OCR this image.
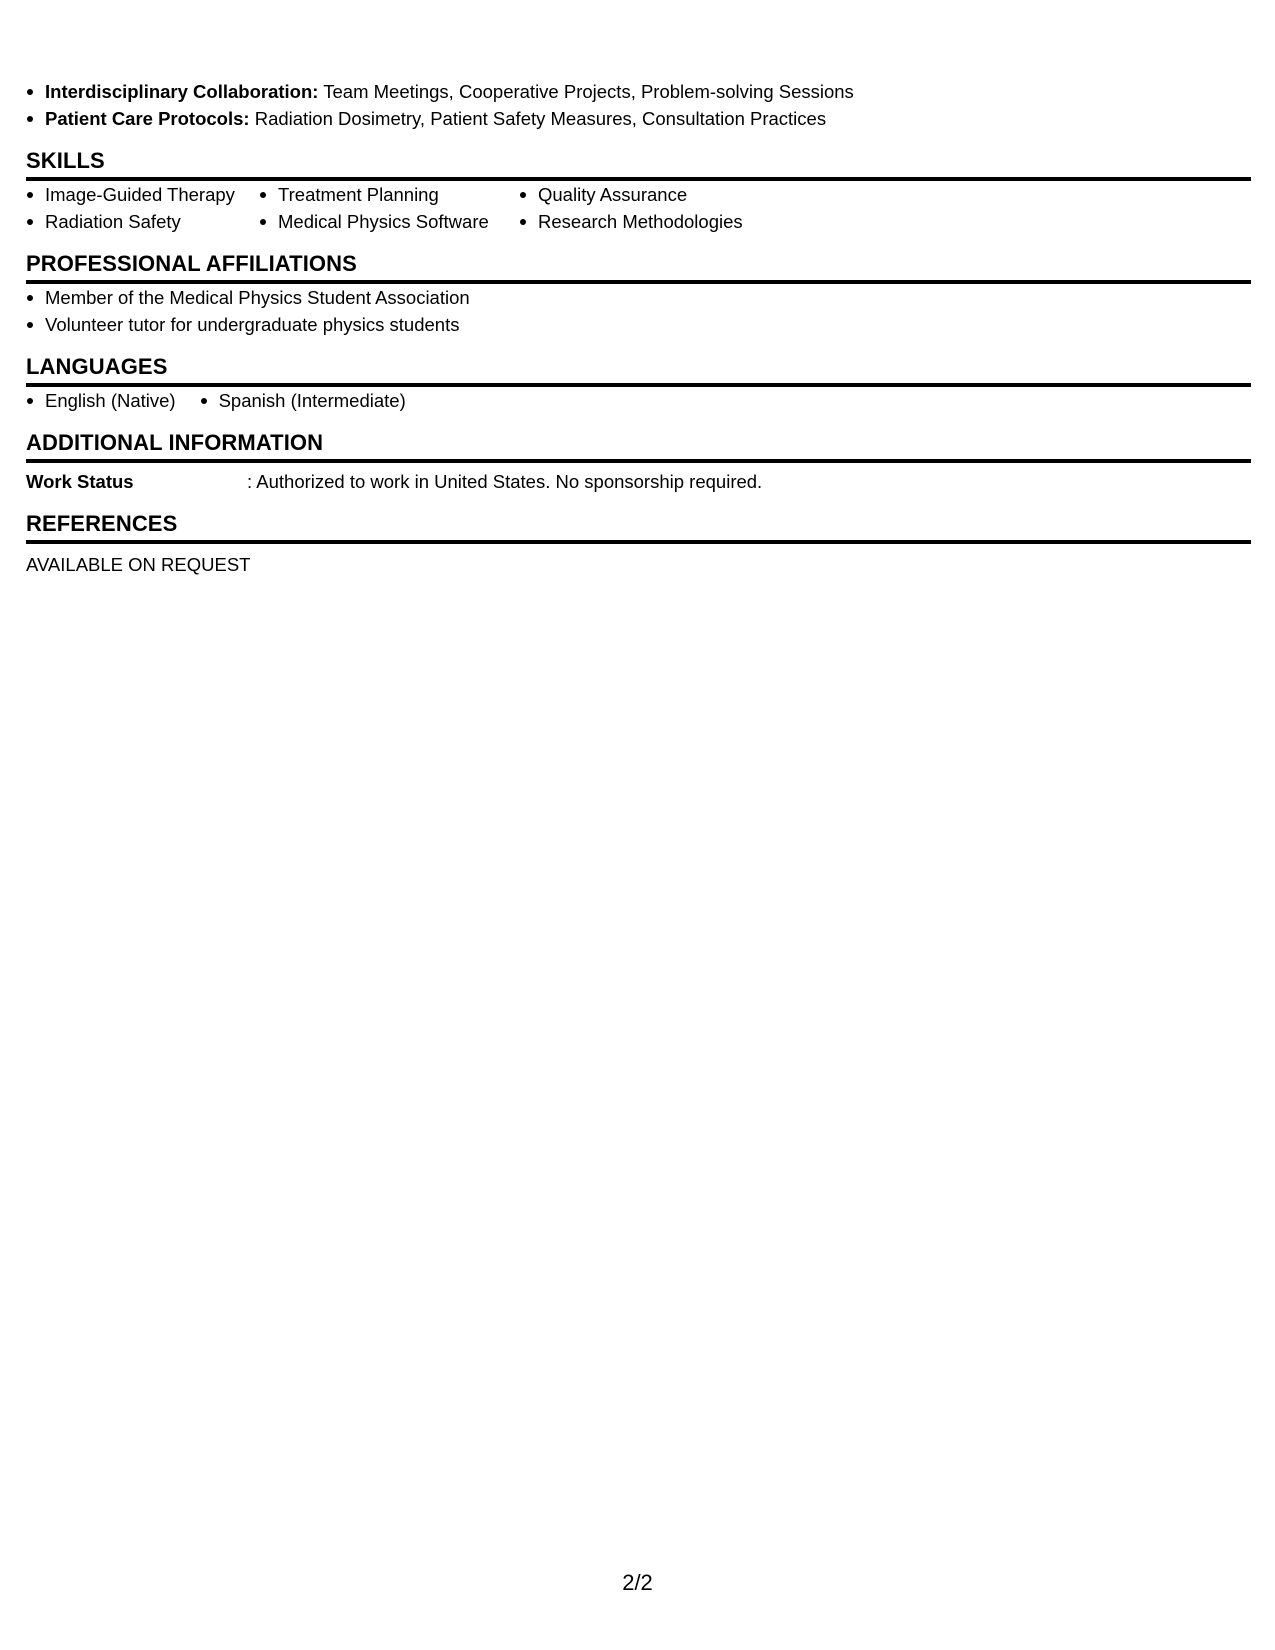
Interdisciplinary Collaboration: Team Meetings, Cooperative Projects, Problem-solving Sessions
Patient Care Protocols: Radiation Dosimetry, Patient Safety Measures, Consultation Practices
SKILLS
Image-Guided Therapy	Treatment Planning	Quality Assurance
Radiation Safety	Medical Physics Software	Research Methodologies
PROFESSIONAL AFFILIATIONS
Member of the Medical Physics Student Association
Volunteer tutor for undergraduate physics students
LANGUAGES
English (Native)	Spanish (Intermediate)
ADDITIONAL INFORMATION
Work Status	: Authorized to work in United States. No sponsorship required.
REFERENCES
AVAILABLE ON REQUEST
2/2
